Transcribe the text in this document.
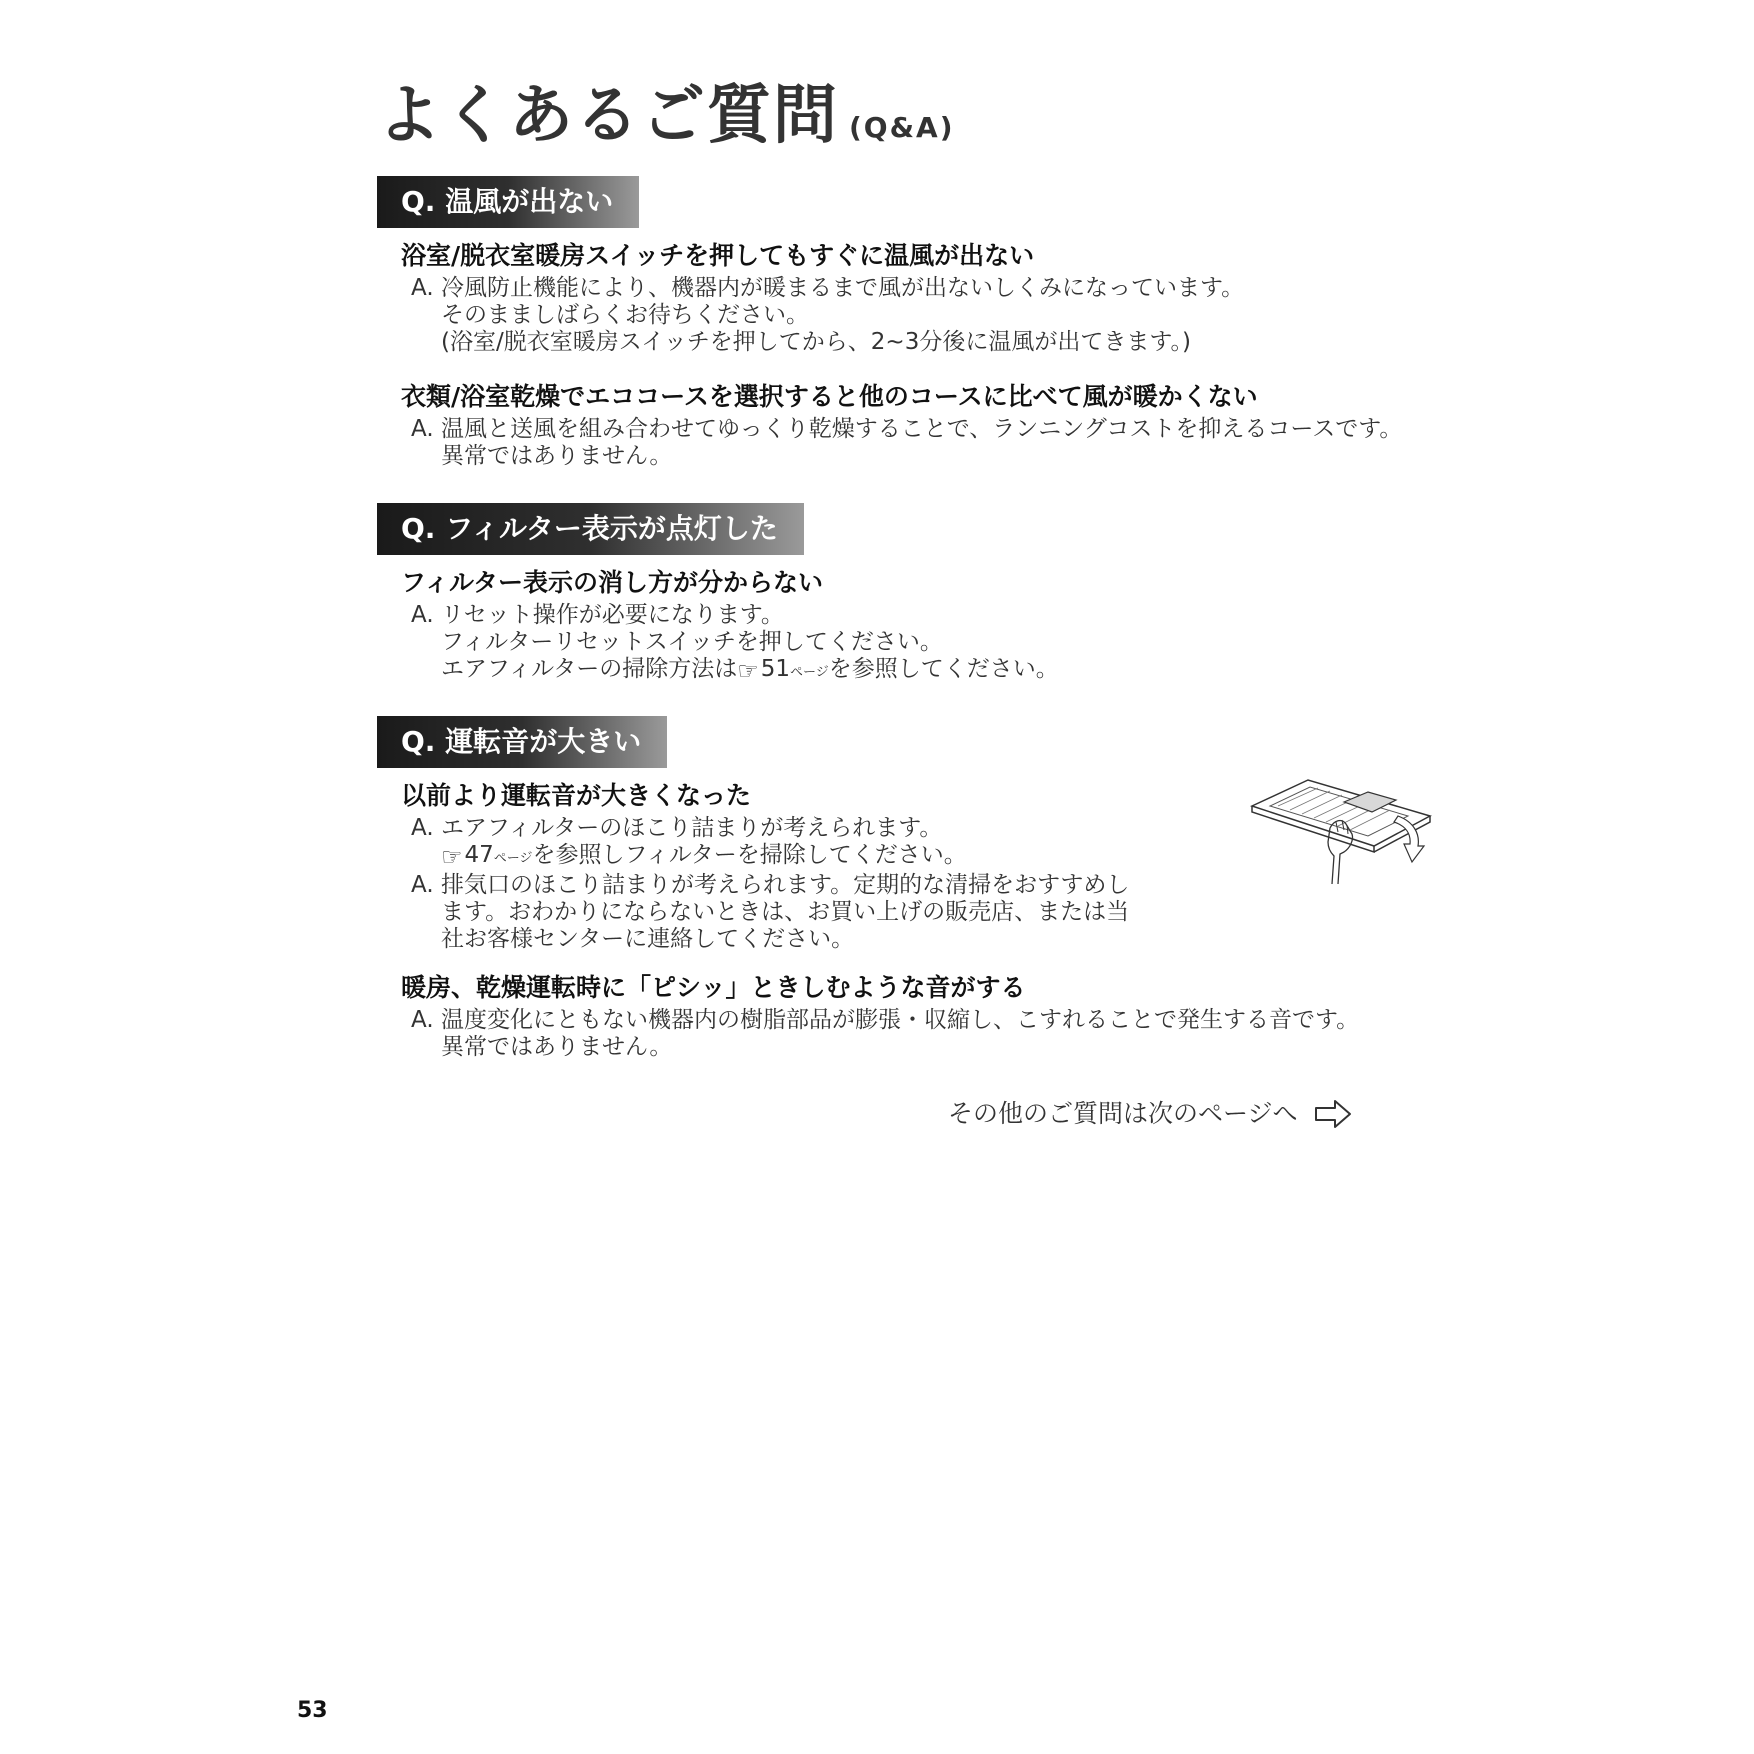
よくあるご質問 (Q&A)
Q. 温風が出ない

浴室/脱衣室暖房スイッチを押してもすぐに温風が出ない

A. 冷風防止機能により、機器内が暖まるまで風が出ないしくみになっています。
そのまましばらくお待ちください。
(浴室/脱衣室暖房スイッチを押してから、2~3分後に温風が出てきます。)

衣類/浴室乾燥でエココースを選択すると他のコースに比べて風が暖かくない

A. 温風と送風を組み合わせてゆっくり乾燥することで、ランニングコストを抑えるコースです。
異常ではありません。

Q. フィルター表示が点灯した

フィルター表示の消し方が分からない

A. リセット操作が必要になります。
フィルターリセットスイッチを押してください。
エアフィルターの掃除方法は☞51ページを参照してください。

Q. 運転音が大きい

以前より運転音が大きくなった

A. エアフィルターのほこり詰まりが考えられます。
☞47ページを参照しフィルターを掃除してください。
A. 排気口のほこり詰まりが考えられます。定期的な清掃をおすすめし
ます。おわかりにならないときは、お買い上げの販売店、または当
社お客様センターに連絡してください。

暖房、乾燥運転時に「ピシッ」ときしむような音がする

A. 温度変化にともない機器内の樹脂部品が膨張・収縮し、こすれることで発生する音です。
異常ではありません。

その他のご質問は次のページへ
53
